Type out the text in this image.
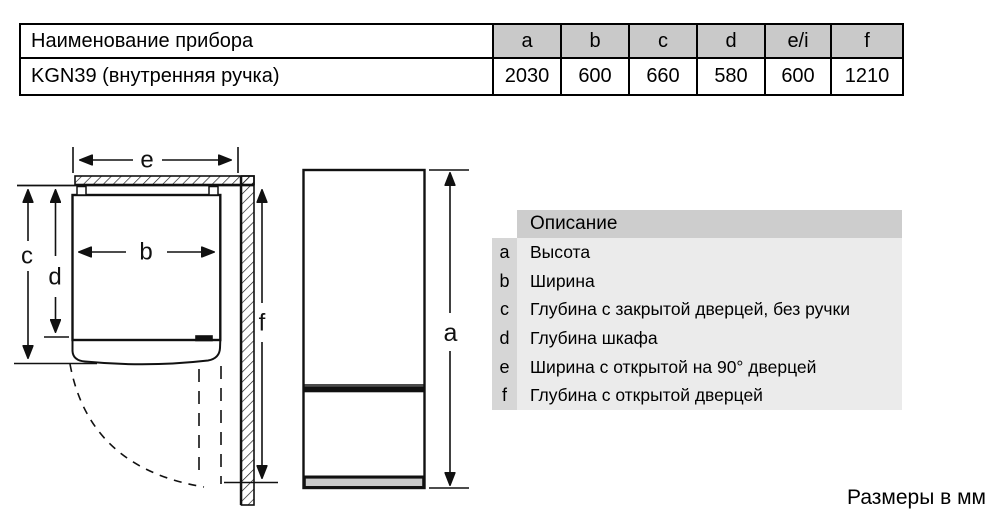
e
b
c
d
f	a
Наименование прибора	a	b	c	d	e/i	f
KGN39 (внутренняя ручка)	2030	600	660	580	600	1210
Описание
a	Высота
b	Ширина
c	Глубина с закрытой дверцей, без ручки
d	Глубина шкафа
e	Ширина с открытой на 90° дверцей
f	Глубина с открытой дверцей
Размеры в мм
